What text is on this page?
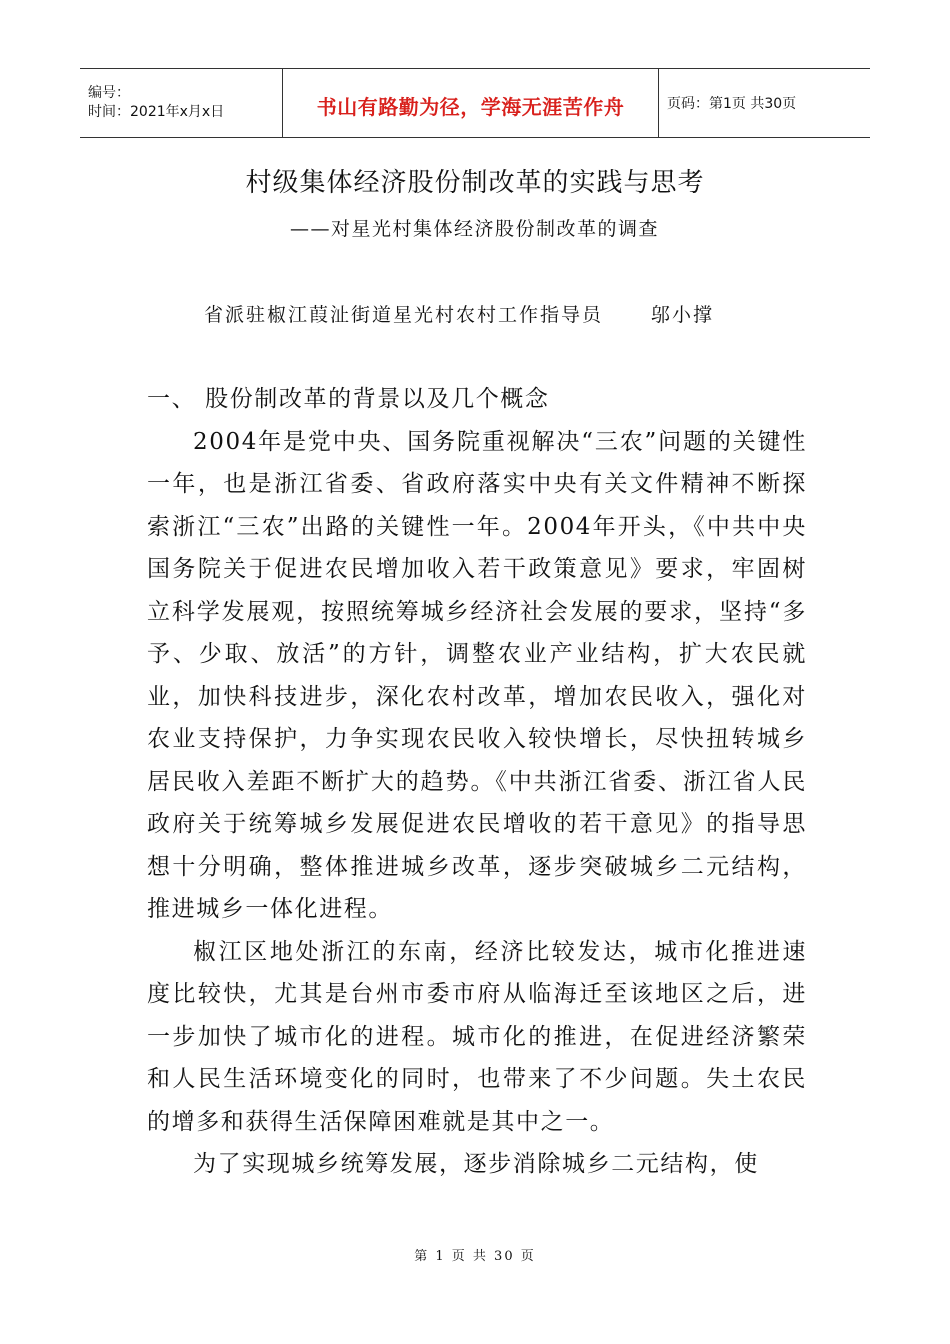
编号：
时间：2021年x月x日	书山有路勤为径，学海无涯苦作舟	页码：第1页 共30页
村级集体经济股份制改革的实践与思考
——对星光村集体经济股份制改革的调查
省派驻椒江葭沚街道星光村农村工作指导员	邬小撑

一、 股份制改革的背景以及几个概念

2004年是党中央、国务院重视解决“三农”问题的关键性一年，也是浙江省委、省政府落实中央有关文件精神不断探索浙江“三农”出路的关键性一年。2004年开头，《中共中央国务院关于促进农民增加收入若干政策意见》要求，牢固树立科学发展观，按照统筹城乡经济社会发展的要求，坚持“多予、少取、放活”的方针，调整农业产业结构，扩大农民就业，加快科技进步，深化农村改革，增加农民收入，强化对农业支持保护，力争实现农民收入较快增长，尽快扭转城乡居民收入差距不断扩大的趋势。《中共浙江省委、浙江省人民政府关于统筹城乡发展促进农民增收的若干意见》的指导思想十分明确，整体推进城乡改革，逐步突破城乡二元结构，推进城乡一体化进程。

椒江区地处浙江的东南，经济比较发达，城市化推进速度比较快，尤其是台州市委市府从临海迁至该地区之后，进一步加快了城市化的进程。城市化的推进，在促进经济繁荣和人民生活环境变化的同时，也带来了不少问题。失土农民的增多和获得生活保障困难就是其中之一。

为了实现城乡统筹发展，逐步消除城乡二元结构，使

第 1 页 共 30 页
